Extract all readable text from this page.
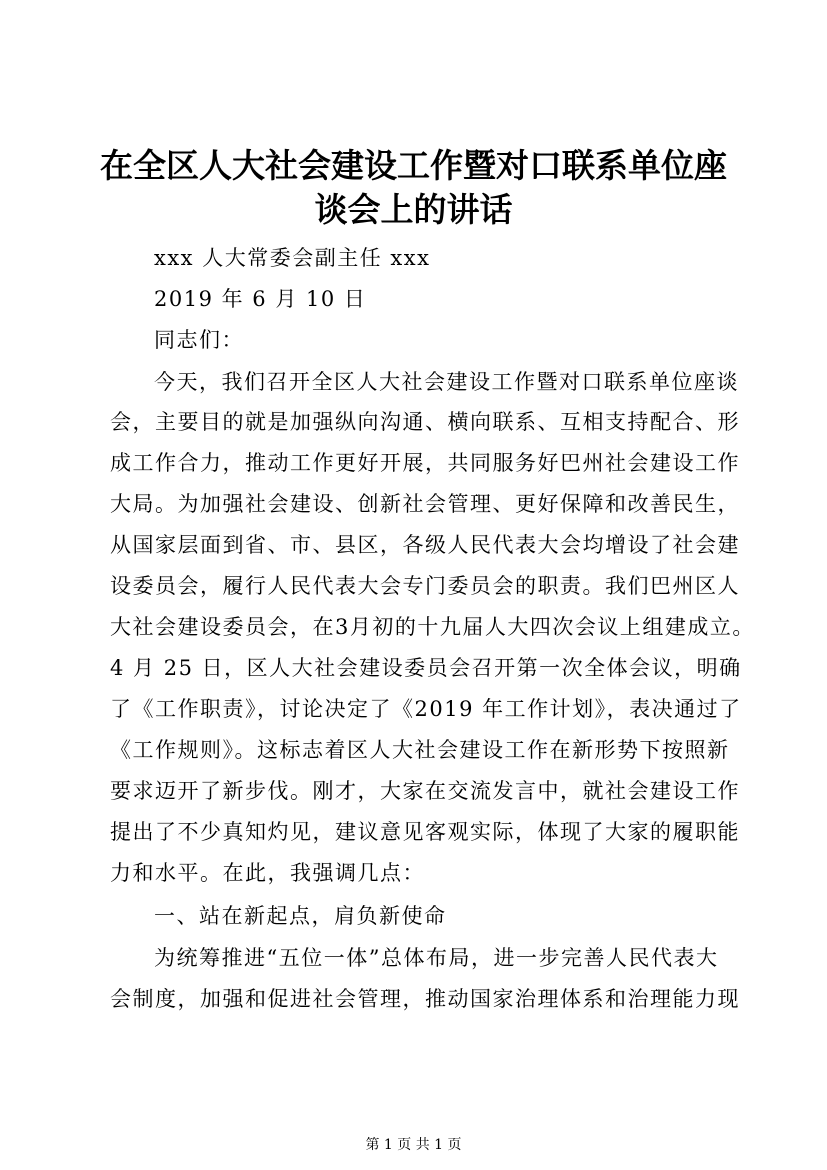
在全区人大社会建设工作暨对口联系单位座谈会上的讲话
xxx 人大常委会副主任 xxx
2019 年 6 月 10 日
同志们：
今天，我们召开全区人大社会建设工作暨对口联系单位座谈
会，主要目的就是加强纵向沟通、横向联系、互相支持配合、形
成工作合力，推动工作更好开展，共同服务好巴州社会建设工作
大局。为加强社会建设、创新社会管理、更好保障和改善民生，
从国家层面到省、市、县区，各级人民代表大会均增设了社会建
设委员会，履行人民代表大会专门委员会的职责。我们巴州区人
大社会建设委员会，在3月初的十九届人大四次会议上组建成立。
4 月 25 日，区人大社会建设委员会召开第一次全体会议，明确
了《工作职责》，讨论决定了《2019 年工作计划》，表决通过了
《工作规则》。这标志着区人大社会建设工作在新形势下按照新
要求迈开了新步伐。刚才，大家在交流发言中，就社会建设工作
提出了不少真知灼见，建议意见客观实际，体现了大家的履职能
力和水平。在此，我强调几点：
一、站在新起点，肩负新使命
为统筹推进“五位一体”总体布局，进一步完善人民代表大
会制度，加强和促进社会管理，推动国家治理体系和治理能力现
第 1 页 共 1 页
